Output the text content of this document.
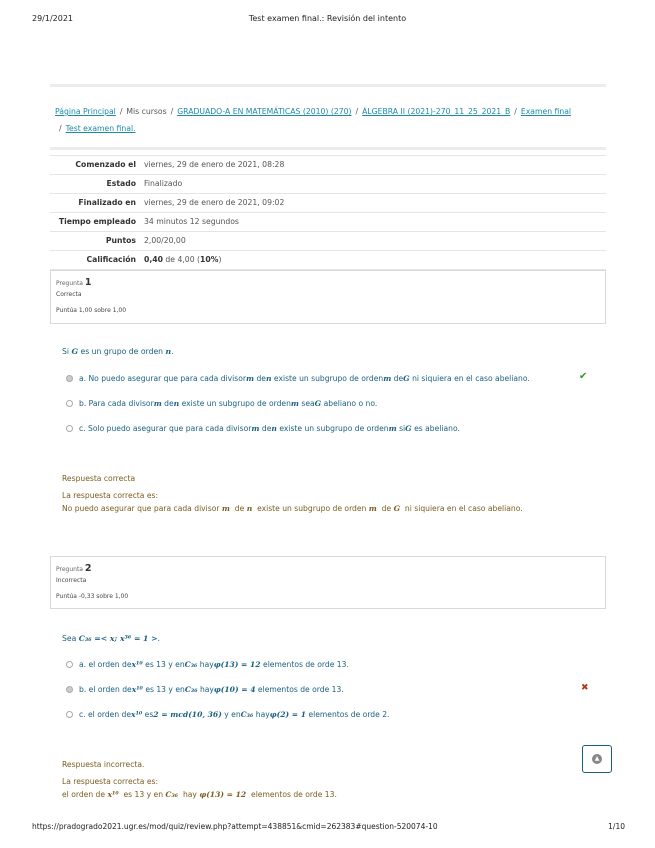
29/1/2021	Test examen final.: Revisión del intento
Página Principal / Mis cursos / GRADUADO-A EN MATEMÁTICAS (2010) (270) / ÁLGEBRA II (2021)-270_11_25_2021_B / Examen final
/ Test examen final.
Comenzado el	viernes, 29 de enero de 2021, 08:28
Estado	Finalizado
Finalizado en	viernes, 29 de enero de 2021, 09:02
Tiempo empleado	34 minutos 12 segundos
Puntos	2,00/20,00
Calificación	0,40 de 4,00 (10%)
Pregunta 1
Correcta
Puntúa 1,00 sobre 1,00
Si G es un grupo de orden n.
a. No puedo asegurar que para cada divisor m
de n
existe un subgrupo de orden m
de G
ni siquiera en el caso abeliano.	✔
b. Para cada divisor m
de n
existe un subgrupo de orden m
sea G
abeliano o no.
c. Solo puedo asegurar que para cada divisor m
de n
existe un subgrupo de orden m
si G
es abeliano.
Respuesta correcta
La respuesta correcta es:
No puedo asegurar que para cada divisor m  de n  existe un subgrupo de orden m  de G  ni siquiera en el caso abeliano.
Pregunta 2
Incorrecta
Puntúa -0,33 sobre 1,00
Sea C₃₆ =< x; x³⁶ = 1 >.
a. el orden de x¹⁰
es 13 y en C₃₆
hay φ(13) = 12
elementos de orde 13.
b. el orden de x¹⁰
es 13 y en C₃₆
hay φ(10) = 4
elementos de orde 13.	✖
c. el orden de x¹⁰
es 2 = mcd(10, 36)
y en C₃₆
hay φ(2) = 1
elementos de orde 2.
Respuesta incorrecta.
La respuesta correcta es:
el orden de x¹⁰  es 13 y en C₃₆  hay φ(13) = 12  elementos de orde 13.
▲
https://pradogrado2021.ugr.es/mod/quiz/review.php?attempt=438851&cmid=262383#question-520074-10	1/10
